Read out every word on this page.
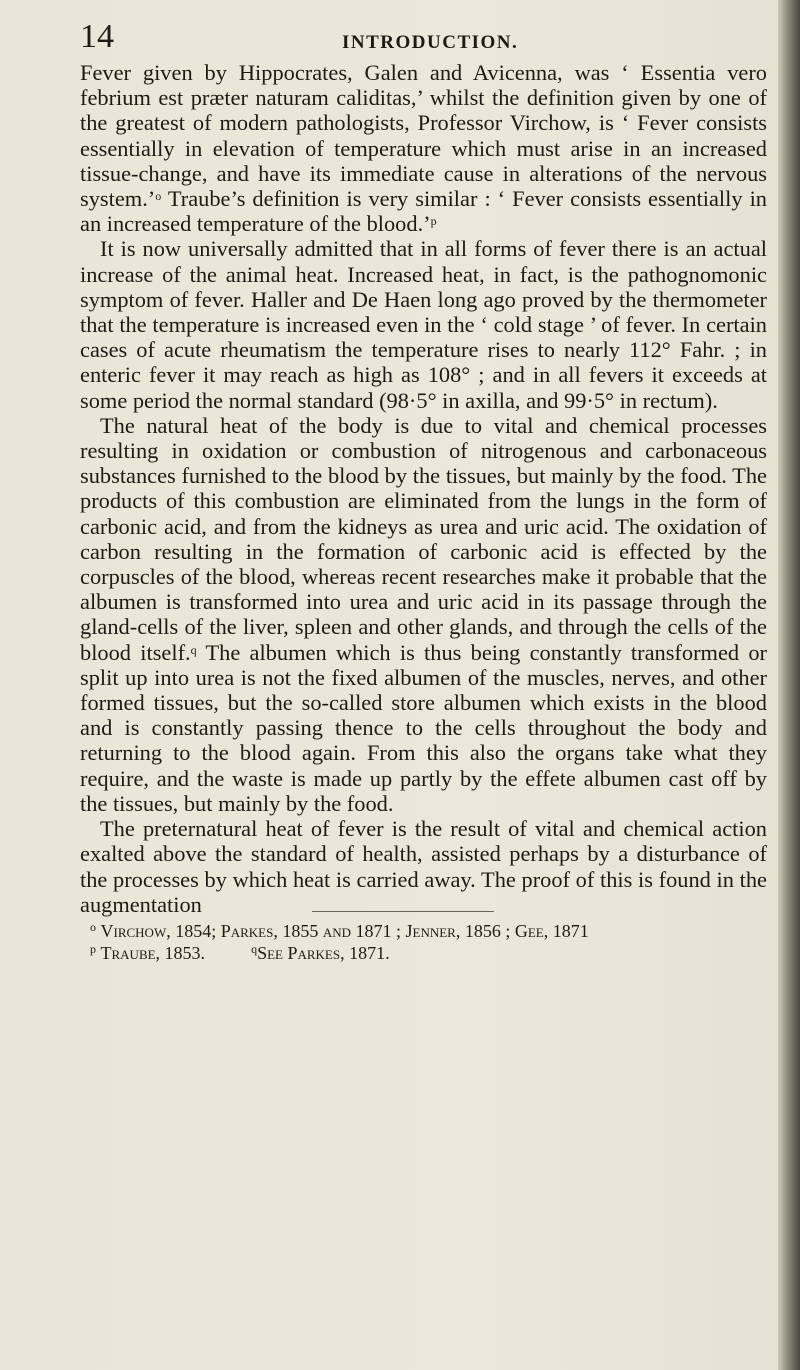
14	INTRODUCTION.

Fever given by Hippocrates, Galen and Avicenna, was ‘ Essentia vero febrium est præter naturam caliditas,’ whilst the definition given by one of the greatest of modern pathologists, Professor Virchow, is ‘ Fever consists essentially in elevation of temperature which must arise in an increased tissue-change, and have its immediate cause in alterations of the nervous system.’$^o$ Traube’s definition is very similar : ‘ Fever consists essentially in an increased temperature of the blood.’$^p$

It is now universally admitted that in all forms of fever there is an actual increase of the animal heat. Increased heat, in fact, is the pathognomonic symptom of fever. Haller and De Haen long ago proved by the thermometer that the temperature is increased even in the ‘ cold stage ’ of fever. In certain cases of acute rheumatism the temperature rises to nearly 112° Fahr. ; in enteric fever it may reach as high as 108° ; and in all fevers it exceeds at some period the normal standard (98·5° in axilla, and 99·5° in rectum).

The natural heat of the body is due to vital and chemical processes resulting in oxidation or combustion of nitrogenous and carbonaceous substances furnished to the blood by the tissues, but mainly by the food. The products of this combustion are eliminated from the lungs in the form of carbonic acid, and from the kidneys as urea and uric acid. The oxidation of carbon resulting in the formation of carbonic acid is effected by the corpuscles of the blood, whereas recent researches make it probable that the albumen is transformed into urea and uric acid in its passage through the gland-cells of the liver, spleen and other glands, and through the cells of the blood itself.$^q$ The albumen which is thus being constantly transformed or split up into urea is not the fixed albumen of the muscles, nerves, and other formed tissues, but the so-called store albumen which exists in the blood and is constantly passing thence to the cells throughout the body and returning to the blood again. From this also the organs take what they require, and the waste is made up partly by the effete albumen cast off by the tissues, but mainly by the food.

The preternatural heat of fever is the result of vital and chemical action exalted above the standard of health, assisted perhaps by a disturbance of the processes by which heat is carried away. The proof of this is found in the augmentation

$^o$ Virchow, 1854; Parkes, 1855 and 1871 ; Jenner, 1856 ; Gee, 1871
$^p$ Traube, 1853.	$^q$See Parkes, 1871.
